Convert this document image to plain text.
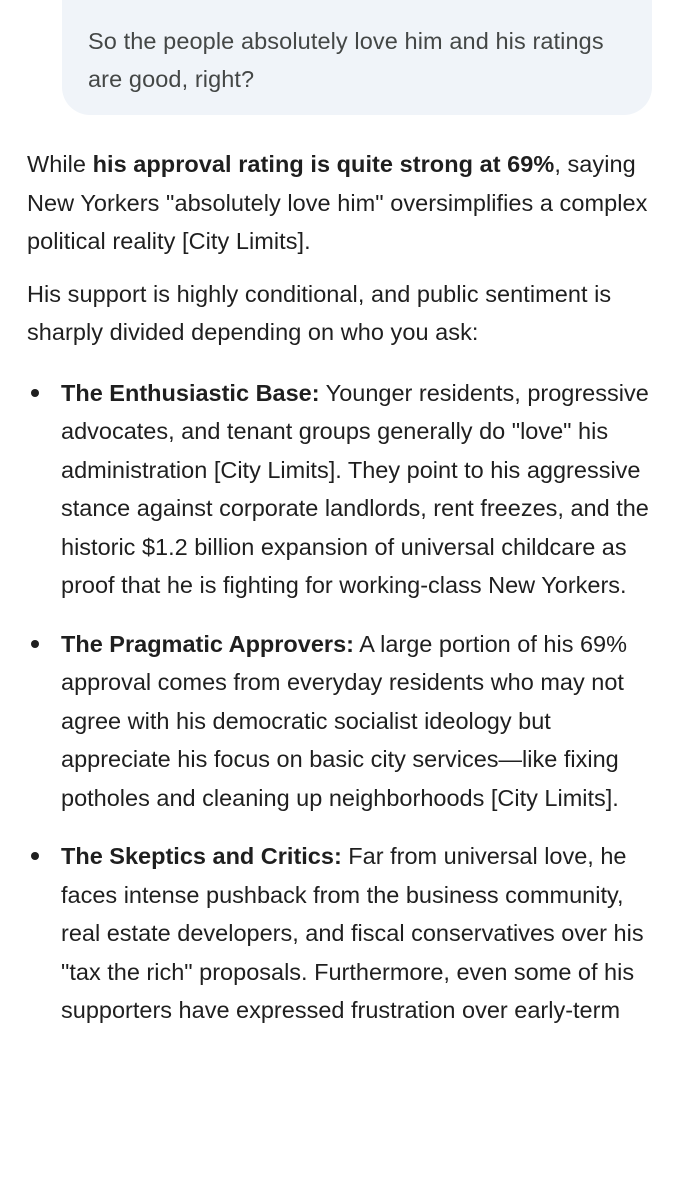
So the people absolutely love him and his ratings are good, right?

While his approval rating is quite strong at 69%, saying New Yorkers "absolutely love him" oversimplifies a complex political reality [City Limits].

His support is highly conditional, and public sentiment is sharply divided depending on who you ask:

The Enthusiastic Base: Younger residents, progressive advocates, and tenant groups generally do "love" his administration [City Limits]. They point to his aggressive stance against corporate landlords, rent freezes, and the historic $1.2 billion expansion of universal childcare as proof that he is fighting for working-class New Yorkers.
The Pragmatic Approvers: A large portion of his 69% approval comes from everyday residents who may not agree with his democratic socialist ideology but appreciate his focus on basic city services—like fixing potholes and cleaning up neighborhoods [City Limits].
The Skeptics and Critics: Far from universal love, he faces intense pushback from the business community, real estate developers, and fiscal conservatives over his "tax the rich" proposals. Furthermore, even some of his supporters have expressed frustration over early-term
